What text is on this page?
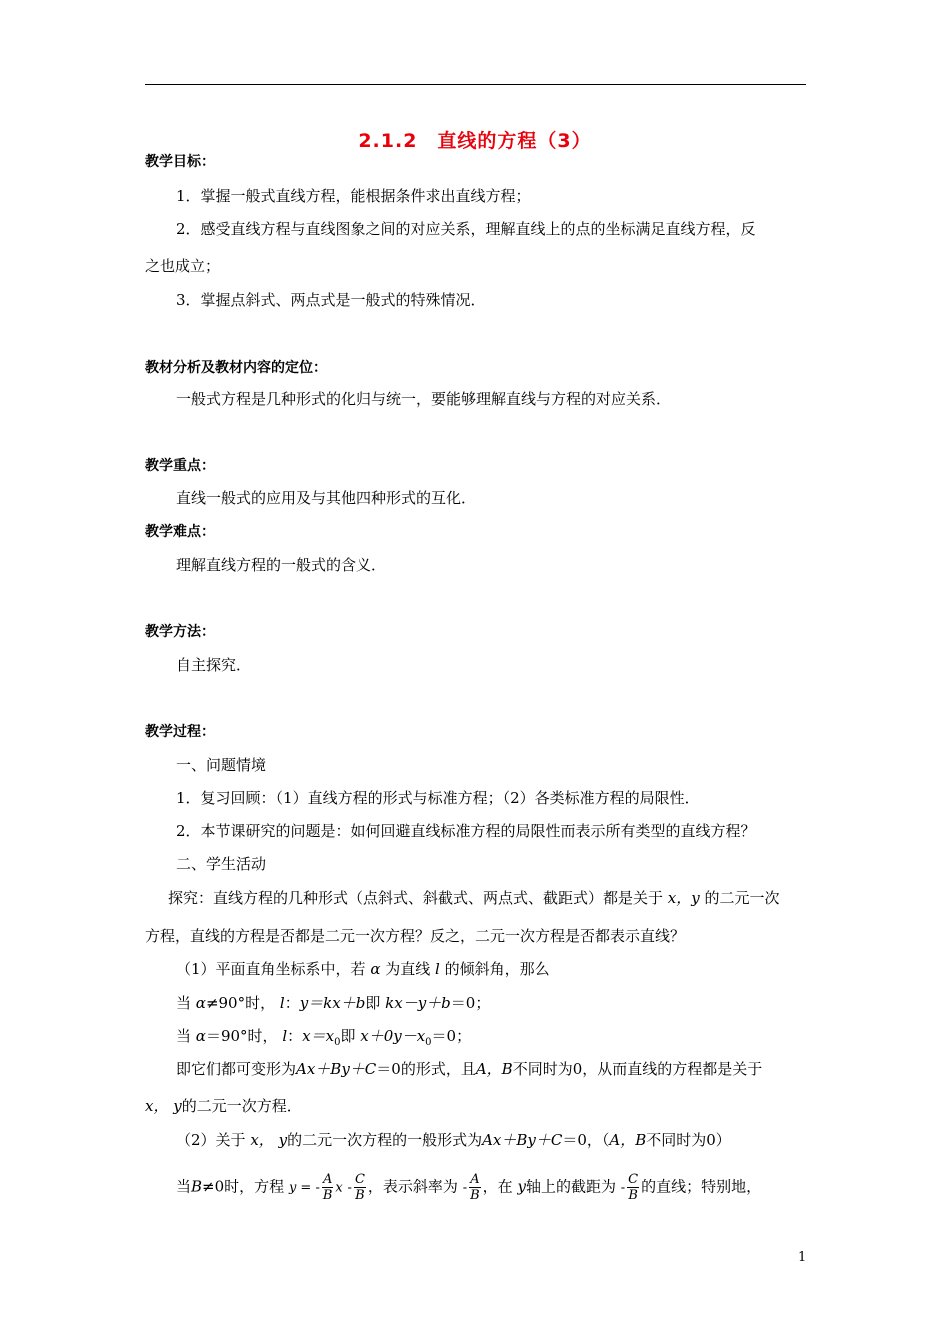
2.1.2　直线的方程（3）
教学目标：
1．掌握一般式直线方程，能根据条件求出直线方程；
2．感受直线方程与直线图象之间的对应关系，理解直线上的点的坐标满足直线方程，反
之也成立；
3．掌握点斜式、两点式是一般式的特殊情况．
教材分析及教材内容的定位：
一般式方程是几种形式的化归与统一，要能够理解直线与方程的对应关系．
教学重点：
直线一般式的应用及与其他四种形式的互化．
教学难点：
理解直线方程的一般式的含义．
教学方法：
自主探究．
教学过程：
一、问题情境
1．复习回顾：（1）直线方程的形式与标准方程；（2）各类标准方程的局限性．
2．本节课研究的问题是：如何回避直线标准方程的局限性而表示所有类型的直线方程？
二、学生活动
探究：直线方程的几种形式（点斜式、斜截式、两点式、截距式）都是关于 x，y 的二元一次
方程，直线的方程是否都是二元一次方程？反之，二元一次方程是否都表示直线？
（1）平面直角坐标系中，若 α 为直线 l 的倾斜角，那么
当 α≠90°时， l：y＝kx＋b即 kx－y＋b＝0；
当 α＝90°时， l：$x=x_0$即 $x+0y-x_0=0$；
即它们都可变形为Ax＋By＋C＝0的形式，且A，B不同时为0，从而直线的方程都是关于
x， y的二元一次方程．
（2）关于 x， y的二元一次方程的一般形式为Ax＋By＋C＝0，（A，B不同时为0）
当B≠0时，方程 y = - $\frac{A}{B}$ x - $\frac{C}{B}$ ，表示斜率为 - $\frac{A}{B}$ ，在 y轴上的截距为 - $\frac{C}{B}$ 的直线；特别地，
1
